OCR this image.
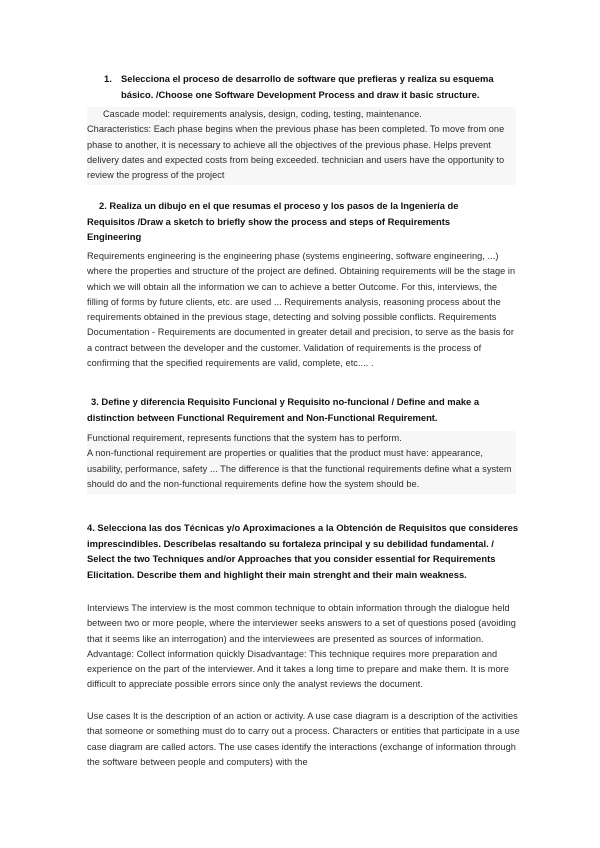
1. Selecciona el proceso de desarrollo de software que prefieras y realiza su esquema

básico. /Choose one Software Development Process and draw it basic structure.

Cascade model: requirements analysis, design, coding, testing, maintenance.

Characteristics: Each phase begins when the previous phase has been completed. To move from one phase to another, it is necessary to achieve all the objectives of the previous phase. Helps prevent delivery dates and expected costs from being exceeded. technician and users have the opportunity to review the progress of the project

2. Realiza un dibujo en el que resumas el proceso y los pasos de la Ingeniería de Requisitos /Draw a sketch to briefly show the process and steps of Requirements Engineering

Requirements engineering is the engineering phase (systems engineering, software engineering, ...) where the properties and structure of the project are defined. Obtaining requirements will be the stage in which we will obtain all the information we can to achieve a better Outcome. For this, interviews, the filling of forms by future clients, etc. are used ... Requirements analysis, reasoning process about the requirements obtained in the previous stage, detecting and solving possible conflicts. Requirements Documentation - Requirements are documented in greater detail and precision, to serve as the basis for a contract between the developer and the customer. Validation of requirements is the process of confirming that the specified requirements are valid, complete, etc.... .

3. Define y diferencia Requisito Funcional y Requisito no-funcional / Define and make a distinction between Functional Requirement and Non-Functional Requirement.

Functional requirement, represents functions that the system has to perform.

A non-functional requirement are properties or qualities that the product must have: appearance, usability, performance, safety ... The difference is that the functional requirements define what a system should do and the non-functional requirements define how the system should be.

4. Selecciona las dos Técnicas y/o Aproximaciones a la Obtención de Requisitos que consideres imprescindibles. Descríbelas resaltando su fortaleza principal y su debilidad fundamental. / Select the two Techniques and/or Approaches that you consider essential for Requirements Elicitation. Describe them and highlight their main strenght and their main weakness.

Interviews The interview is the most common technique to obtain information through the dialogue held between two or more people, where the interviewer seeks answers to a set of questions posed (avoiding that it seems like an interrogation) and the interviewees are presented as sources of information. Advantage: Collect information quickly Disadvantage: This technique requires more preparation and experience on the part of the interviewer. And it takes a long time to prepare and make them. It is more difficult to appreciate possible errors since only the analyst reviews the document.

Use cases It is the description of an action or activity. A use case diagram is a description of the activities that someone or something must do to carry out a process. Characters or entities that participate in a use case diagram are called actors. The use cases identify the interactions (exchange of information through the software between people and computers) with the
